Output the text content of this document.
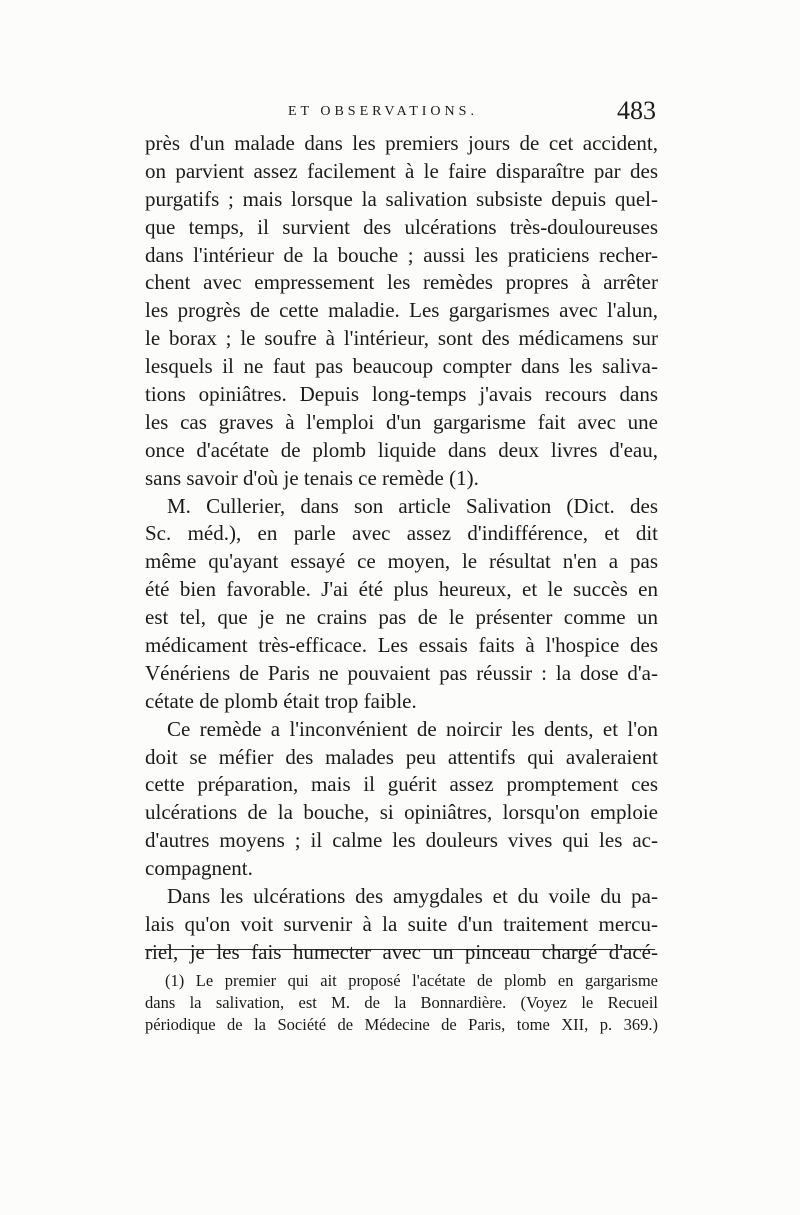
ET OBSERVATIONS.	483
près d'un malade dans les premiers jours de cet accident,
on parvient assez facilement à le faire disparaître par des
purgatifs ; mais lorsque la salivation subsiste depuis quel-
que temps, il survient des ulcérations très-douloureuses
dans l'intérieur de la bouche ; aussi les praticiens recher-
chent avec empressement les remèdes propres à arrêter
les progrès de cette maladie. Les gargarismes avec l'alun,
le borax ; le soufre à l'intérieur, sont des médicamens sur
lesquels il ne faut pas beaucoup compter dans les saliva-
tions opiniâtres. Depuis long-temps j'avais recours dans
les cas graves à l'emploi d'un gargarisme fait avec une
once d'acétate de plomb liquide dans deux livres d'eau,
sans savoir d'où je tenais ce remède (1).
M. Cullerier, dans son article Salivation (Dict. des
Sc. méd.), en parle avec assez d'indifférence, et dit
même qu'ayant essayé ce moyen, le résultat n'en a pas
été bien favorable. J'ai été plus heureux, et le succès en
est tel, que je ne crains pas de le présenter comme un
médicament très-efficace. Les essais faits à l'hospice des
Vénériens de Paris ne pouvaient pas réussir : la dose d'a-
cétate de plomb était trop faible.
Ce remède a l'inconvénient de noircir les dents, et l'on
doit se méfier des malades peu attentifs qui avaleraient
cette préparation, mais il guérit assez promptement ces
ulcérations de la bouche, si opiniâtres, lorsqu'on emploie
d'autres moyens ; il calme les douleurs vives qui les ac-
compagnent.
Dans les ulcérations des amygdales et du voile du pa-
lais qu'on voit survenir à la suite d'un traitement mercu-
riel, je les fais humecter avec un pinceau chargé d'acé-
(1) Le premier qui ait proposé l'acétate de plomb en gargarisme
dans la salivation, est M. de la Bonnardière. (Voyez le Recueil
périodique de la Société de Médecine de Paris, tome XII, p. 369.)
